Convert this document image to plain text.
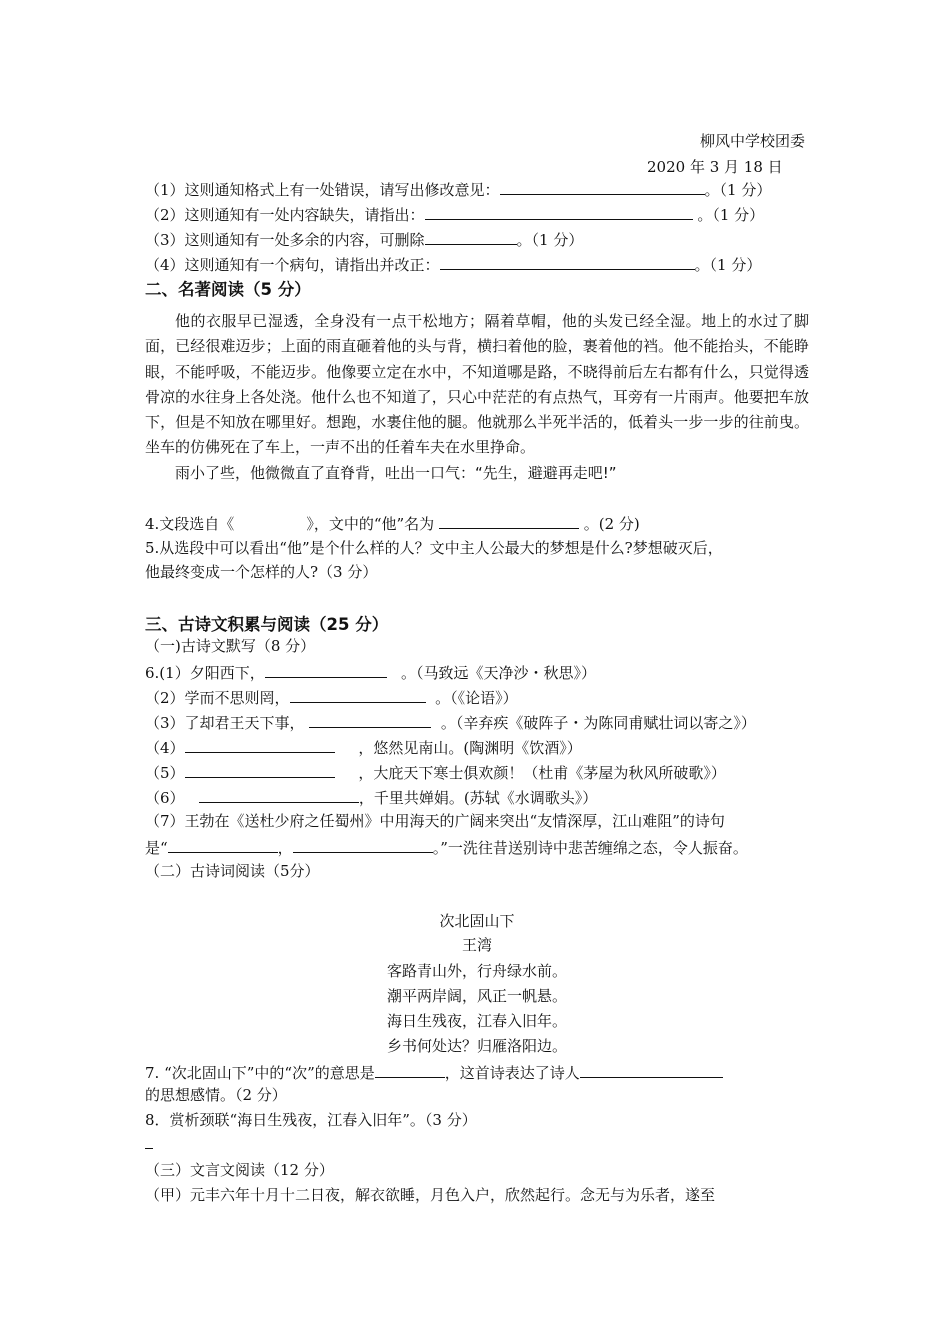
柳风中学校团委
2020 年 3 月 18 日
（1）这则通知格式上有一处错误，请写出修改意见：	。（1 分）
（2）这则通知有一处内容缺失，请指出：	。（1 分）
（3）这则通知有一处多余的内容，可删除	。（1 分）
（4）这则通知有一个病句，请指出并改正：	。（1 分）
二、名著阅读（5 分）

他的衣服早已湿透，全身没有一点干松地方；隔着草帽，他的头发已经全湿。地上的水过了脚面，已经很难迈步；上面的雨直砸着他的头与背，横扫着他的脸，裹着他的裆。他不能抬头，不能睁眼，不能呼吸，不能迈步。他像要立定在水中，不知道哪是路，不晓得前后左右都有什么，只觉得透骨凉的水往身上各处浇。他什么也不知道了，只心中茫茫的有点热气，耳旁有一片雨声。他要把车放下，但是不知放在哪里好。想跑，水裹住他的腿。他就那么半死半活的，低着头一步一步的往前曳。坐车的仿佛死在了车上，一声不出的任着车夫在水里挣命。

雨小了些，他微微直了直脊背，吐出一口气：“先生，避避再走吧!”

4.文段选自《	》，文中的“他”名为	。(2 分)
5.从选段中可以看出“他”是个什么样的人？文中主人公最大的梦想是什么?梦想破灭后，
他最终变成一个怎样的人?（3 分）
三、古诗文积累与阅读（25 分）
（一)古诗文默写（8 分）
6.(1）夕阳西下，	。（马致远《天净沙・秋思》）
（2）学而不思则罔，	。（《论语》）
（3）了却君王天下事，	。（辛弃疾《破阵子・为陈同甫赋壮词以寄之》）
（4）	，悠然见南山。(陶渊明《饮酒》）
（5）	，大庇天下寒士俱欢颜！（杜甫《茅屋为秋风所破歌》）
（6）	，千里共婵娟。(苏轼《水调歌头》）
（7）王勃在《送杜少府之任蜀州》中用海天的广阔来突出“友情深厚，江山难阻”的诗句
是“	，	。”一洗往昔送别诗中悲苦缠绵之态，令人振奋。
（二）古诗词阅读（5分）
次北固山下
王湾
客路青山外，行舟绿水前。
潮平两岸阔，风正一帆悬。
海日生残夜，江春入旧年。
乡书何处达？归雁洛阳边。
7. “次北固山下”中的“次”的意思是	，这首诗表达了诗人
的思想感情。（2 分）
8．赏析颈联“海日生残夜，江春入旧年”。（3 分）
（三）文言文阅读（12 分）
（甲）元丰六年十月十二日夜，解衣欲睡，月色入户，欣然起行。念无与为乐者，遂至
